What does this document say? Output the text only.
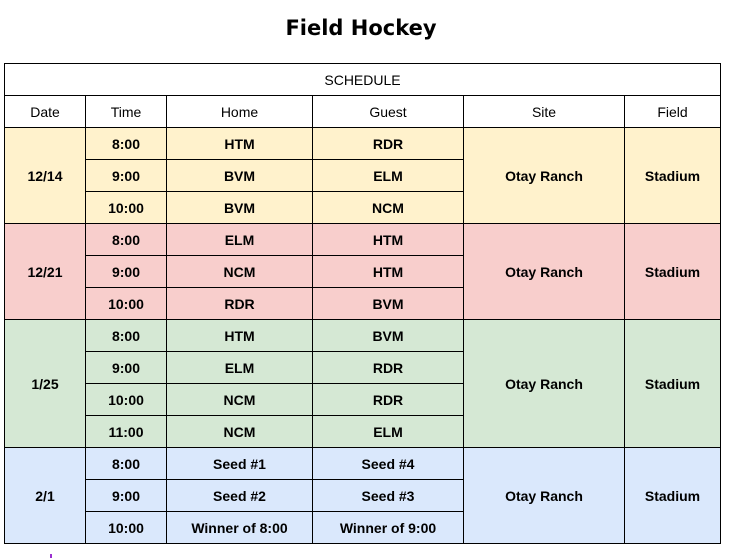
Field Hockey
SCHEDULE					
Date	Time	Home	Guest	Site	Field
12/14	8:00	HTM	RDR	Otay Ranch	Stadium
	9:00	BVM	ELM		
	10:00	BVM	NCM		
12/21	8:00	ELM	HTM	Otay Ranch	Stadium
	9:00	NCM	HTM		
	10:00	RDR	BVM		
1/25	8:00	HTM	BVM	Otay Ranch	Stadium
	9:00	ELM	RDR		
	10:00	NCM	RDR		
	11:00	NCM	ELM		
2/1	8:00	Seed #1	Seed #4	Otay Ranch	Stadium
	9:00	Seed #2	Seed #3		
	10:00	Winner of 8:00	Winner of 9:00		
